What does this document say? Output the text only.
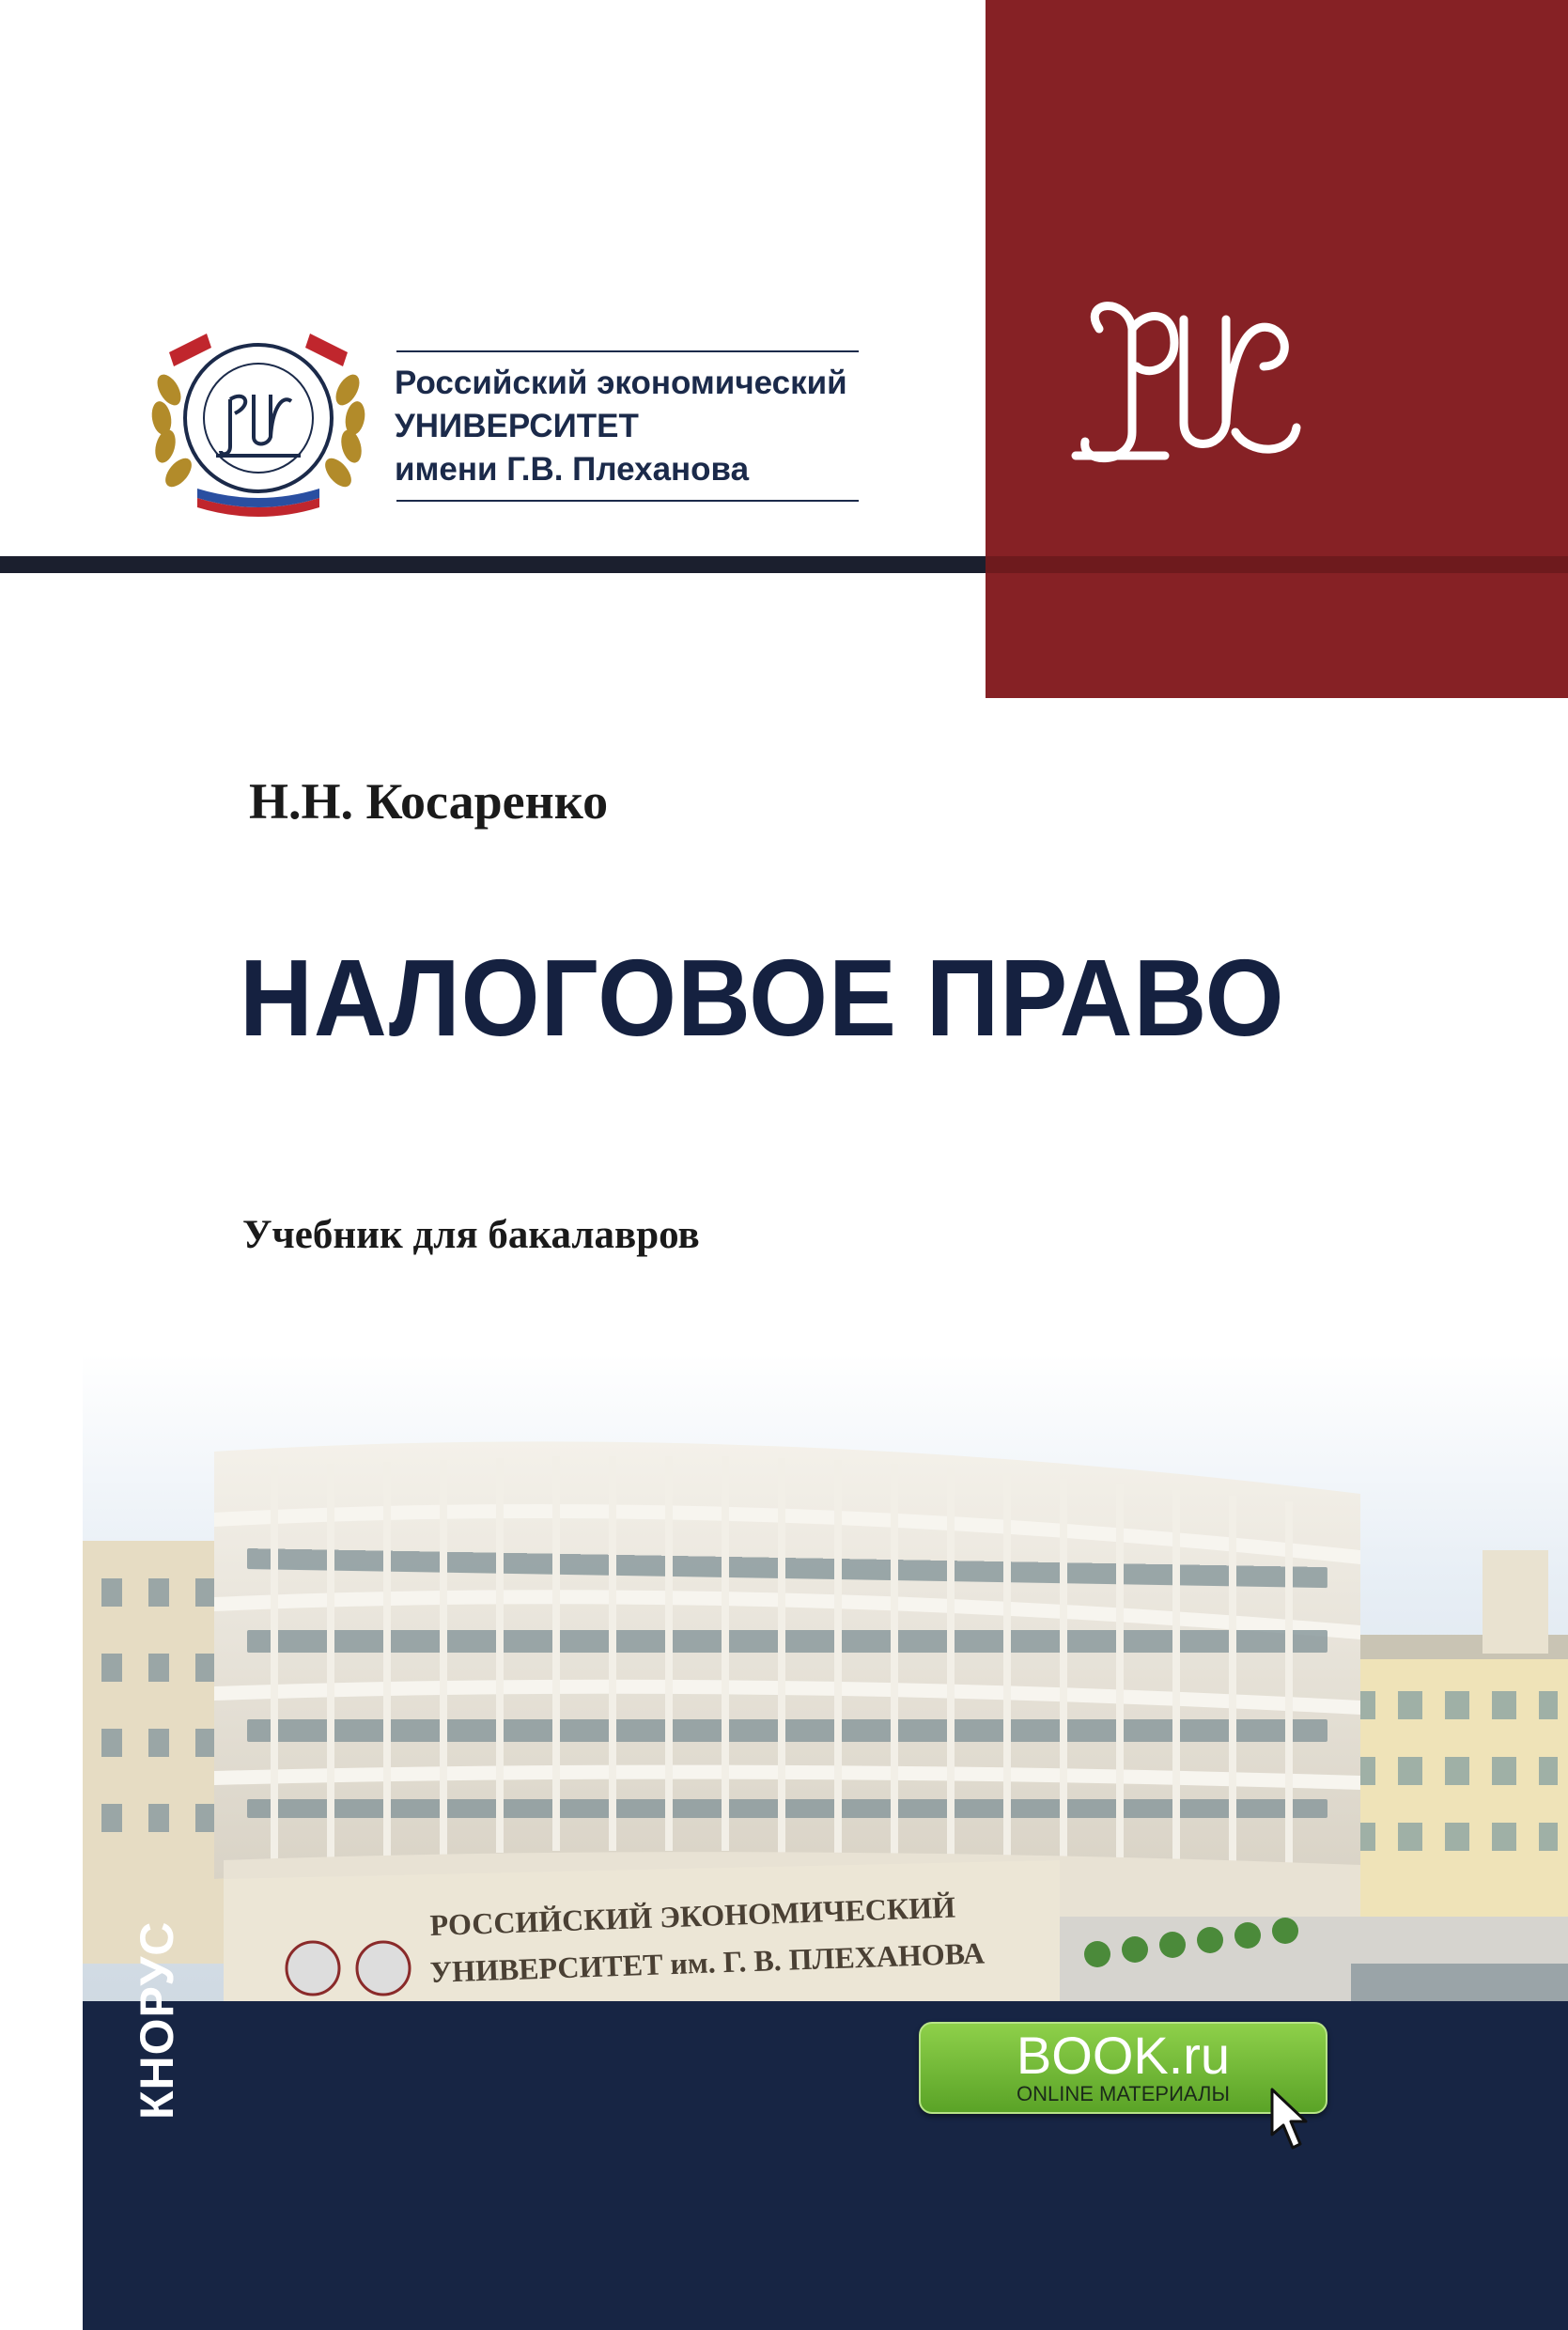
Российский экономический
УНИВЕРСИТЕТ
имени Г.В. Плеханова
Н.Н. Косаренко
НАЛОГОВОЕ ПРАВО
Учебник для бакалавров
РОССИЙСКИЙ ЭКОНОМИЧЕСКИЙ
УНИВЕРСИТЕТ им. Г. В. ПЛЕХАНОВА
КНОРУС	BOOK.ru
ONLINE МАТЕРИАЛЫ
